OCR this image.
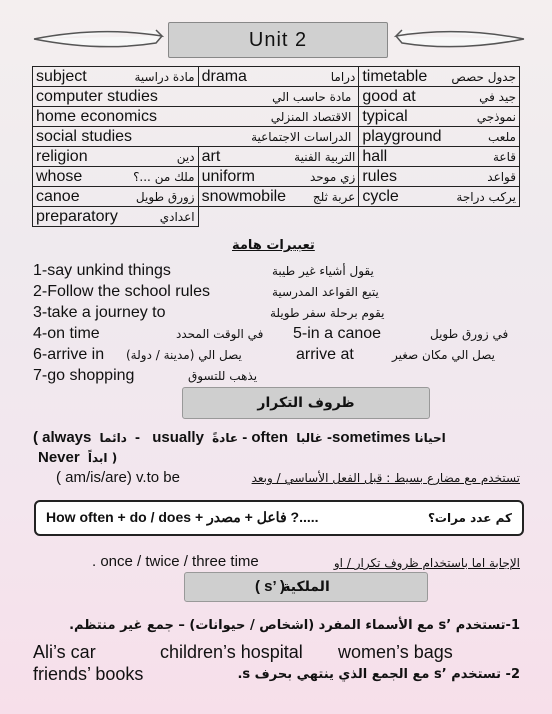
Unit 2
subject مادة دراسية	drama دراما	timetable جدول حصص

computer studies مادة حاسب الي		good at جيد في

home economics الاقتصاد المنزلي		typical نموذجي

social studies الدراسات الاجتماعية		playground ملعب

religion دين	art التربية الفنية	hall قاعة

whose ملك من ...؟	uniform زي موحد	rules قواعد

canoe زورق طويل	snowmobile عربة ثلج	cycle يركب دراجة

preparatory اعدادي		

تعبيرات هامة
1-say unkind things	يقول أشياء غير طيبة
2-Follow the school rules	يتبع القواعد المدرسية
3-take a journey to	يقوم برحلة سفر طويلة
4-on time	في الوقت المحدد 5-in a canoe	في زورق طويل
6-arrive in يصل الي (مدينة / دولة)	arrive at	يصل الي مكان صغير
7-go shopping	يذهب للتسوق
ظروف التكرار
( always دائما - usually عادةً - often غالبا -sometimes احيانا
Never ابداً )
( am/is/are) v.to be	تستخدم مع مضارع بسيط : قبل الفعل الأساسي / وبعد
How often + do / does + فاعل + مصدر ?.....	كم عدد مرات؟
. once / twice / three time	الإجابة اما باستخدام ظروف تكرار / او
الملكية
( s’ )
1-تستخدم ’s مع الأسماء المفرد (اشخاص / حيوانات) – جمع غير منتظم.
Ali’s car	children’s hospital women’s bags
friends’ books	2- تستخدم ’s مع الجمع الذي ينتهي بحرف s.
